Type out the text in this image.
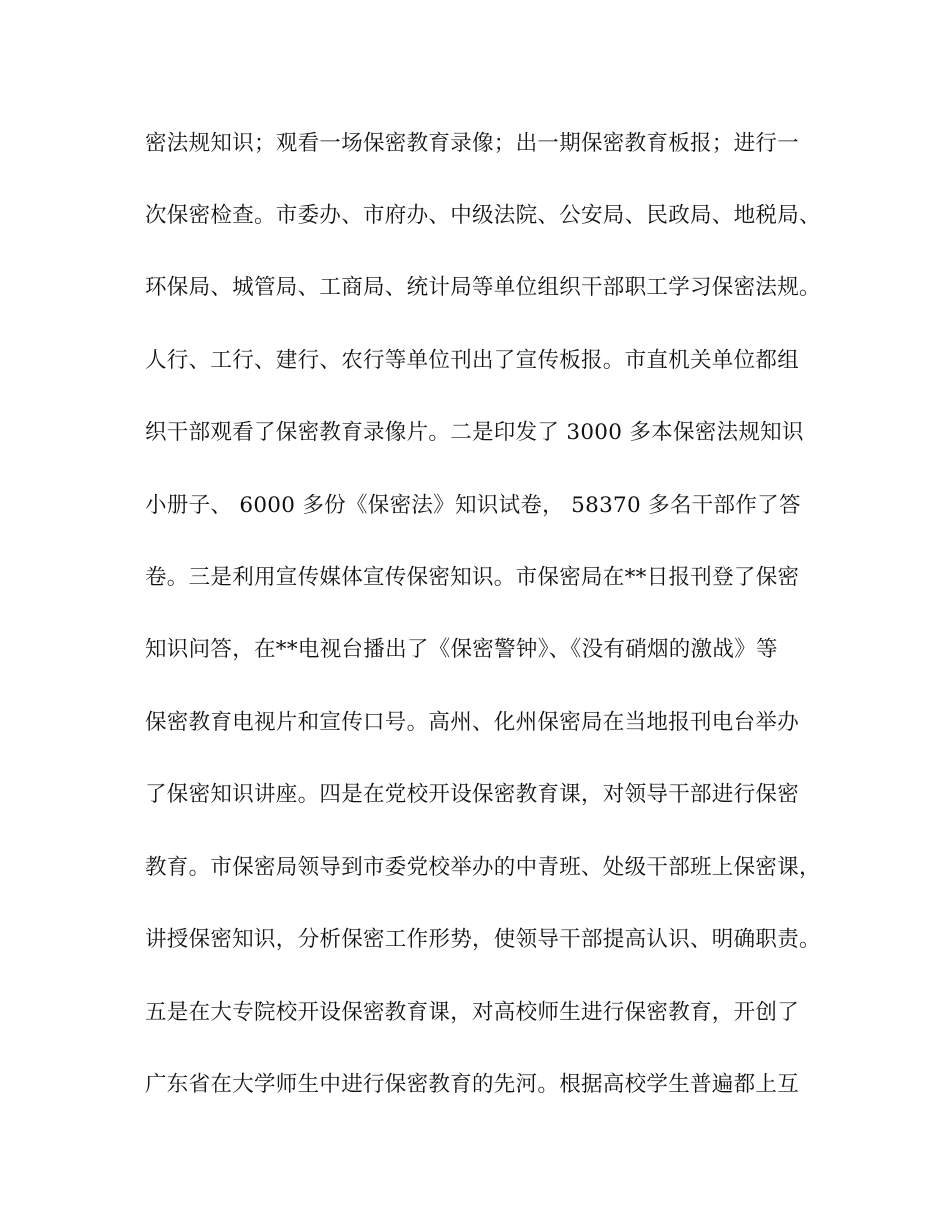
密法规知识；观看一场保密教育录像；出一期保密教育板报；进行一
次保密检查。市委办、市府办、中级法院、公安局、民政局、地税局、
环保局、城管局、工商局、统计局等单位组织干部职工学习保密法规。
人行、工行、建行、农行等单位刊出了宣传板报。市直机关单位都组
织干部观看了保密教育录像片。二是印发了 3000 多本保密法规知识
小册子、 6000 多份《保密法》知识试卷， 58370 多名干部作了答
卷。三是利用宣传媒体宣传保密知识。市保密局在**日报刊登了保密
知识问答，在**电视台播出了《保密警钟》、《没有硝烟的激战》等
保密教育电视片和宣传口号。高州、化州保密局在当地报刊电台举办
了保密知识讲座。四是在党校开设保密教育课，对领导干部进行保密
教育。市保密局领导到市委党校举办的中青班、处级干部班上保密课，
讲授保密知识，分析保密工作形势，使领导干部提高认识、明确职责。
五是在大专院校开设保密教育课，对高校师生进行保密教育，开创了
广东省在大学师生中进行保密教育的先河。根据高校学生普遍都上互
